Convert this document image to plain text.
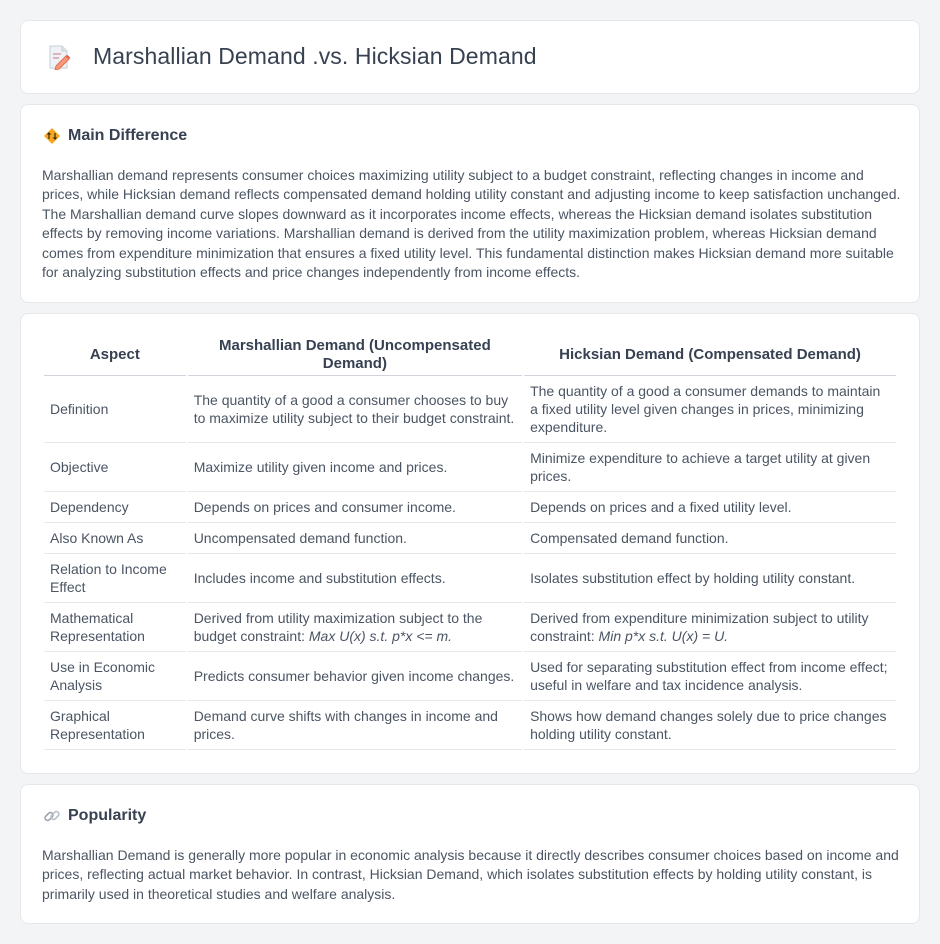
Marshallian Demand .vs. Hicksian Demand
Main Difference

Marshallian demand represents consumer choices maximizing utility subject to a budget constraint, reflecting changes in income and prices, while Hicksian demand reflects compensated demand holding utility constant and adjusting income to keep satisfaction unchanged. The Marshallian demand curve slopes downward as it incorporates income effects, whereas the Hicksian demand isolates substitution effects by removing income variations. Marshallian demand is derived from the utility maximization problem, whereas Hicksian demand comes from expenditure minimization that ensures a fixed utility level. This fundamental distinction makes Hicksian demand more suitable for analyzing substitution effects and price changes independently from income effects.

Aspect	Marshallian Demand (Uncompensated Demand)	Hicksian Demand (Compensated Demand)
Definition	The quantity of a good a consumer chooses to buy to maximize utility subject to their budget constraint.	The quantity of a good a consumer demands to maintain a fixed utility level given changes in prices, minimizing expenditure.
Objective	Maximize utility given income and prices.	Minimize expenditure to achieve a target utility at given prices.
Dependency	Depends on prices and consumer income.	Depends on prices and a fixed utility level.
Also Known As	Uncompensated demand function.	Compensated demand function.
Relation to Income Effect	Includes income and substitution effects.	Isolates substitution effect by holding utility constant.
Mathematical Representation	Derived from utility maximization subject to the budget constraint: Max U(x) s.t. p*x <= m.	Derived from expenditure minimization subject to utility constraint: Min p*x s.t. U(x) = U.
Use in Economic Analysis	Predicts consumer behavior given income changes.	Used for separating substitution effect from income effect; useful in welfare and tax incidence analysis.
Graphical Representation	Demand curve shifts with changes in income and prices.	Shows how demand changes solely due to price changes holding utility constant.
Popularity

Marshallian Demand is generally more popular in economic analysis because it directly describes consumer choices based on income and prices, reflecting actual market behavior. In contrast, Hicksian Demand, which isolates substitution effects by holding utility constant, is primarily used in theoretical studies and welfare analysis.
